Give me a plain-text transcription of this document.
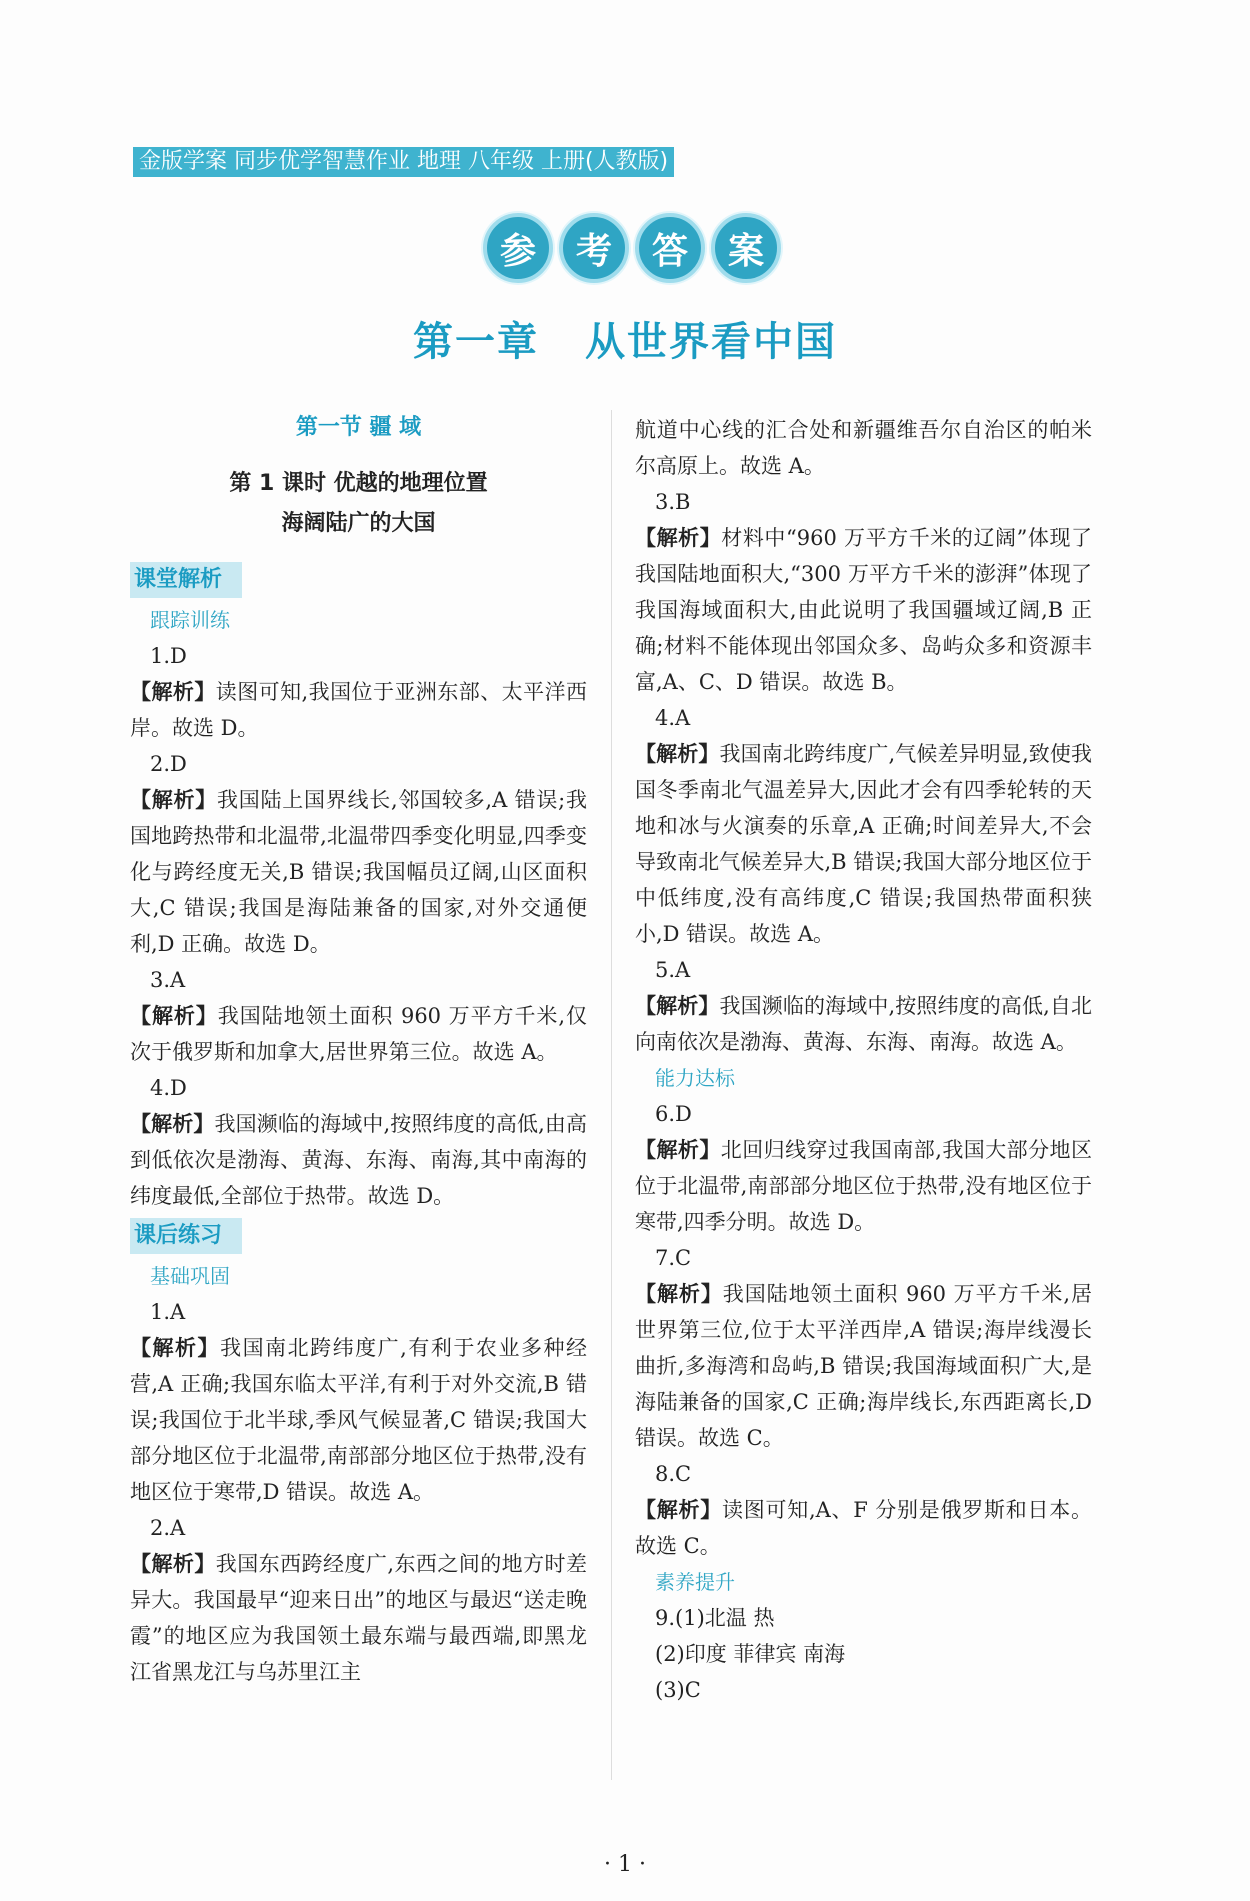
金版学案 同步优学智慧作业 地理 八年级 上册(人教版)
参	考	答	案
第一章 从世界看中国

第一节 疆 域

第 1 课时 优越的地理位置
海阔陆广的大国

课堂解析

跟踪训练

1.D

【解析】读图可知,我国位于亚洲东部、太平洋西岸。故选 D。

2.D

【解析】我国陆上国界线长,邻国较多,A 错误;我国地跨热带和北温带,北温带四季变化明显,四季变化与跨经度无关,B 错误;我国幅员辽阔,山区面积大,C 错误;我国是海陆兼备的国家,对外交通便利,D 正确。故选 D。

3.A

【解析】我国陆地领土面积 960 万平方千米,仅次于俄罗斯和加拿大,居世界第三位。故选 A。

4.D

【解析】我国濒临的海域中,按照纬度的高低,由高到低依次是渤海、黄海、东海、南海,其中南海的纬度最低,全部位于热带。故选 D。

课后练习

基础巩固

1.A

【解析】我国南北跨纬度广,有利于农业多种经营,A 正确;我国东临太平洋,有利于对外交流,B 错误;我国位于北半球,季风气候显著,C 错误;我国大部分地区位于北温带,南部部分地区位于热带,没有地区位于寒带,D 错误。故选 A。

2.A

【解析】我国东西跨经度广,东西之间的地方时差异大。我国最早“迎来日出”的地区与最迟“送走晚霞”的地区应为我国领土最东端与最西端,即黑龙江省黑龙江与乌苏里江主

航道中心线的汇合处和新疆维吾尔自治区的帕米尔高原上。故选 A。

3.B

【解析】材料中“960 万平方千米的辽阔”体现了我国陆地面积大,“300 万平方千米的澎湃”体现了我国海域面积大,由此说明了我国疆域辽阔,B 正确;材料不能体现出邻国众多、岛屿众多和资源丰富,A、C、D 错误。故选 B。

4.A

【解析】我国南北跨纬度广,气候差异明显,致使我国冬季南北气温差异大,因此才会有四季轮转的天地和冰与火演奏的乐章,A 正确;时间差异大,不会导致南北气候差异大,B 错误;我国大部分地区位于中低纬度,没有高纬度,C 错误;我国热带面积狭小,D 错误。故选 A。

5.A

【解析】我国濒临的海域中,按照纬度的高低,自北向南依次是渤海、黄海、东海、南海。故选 A。

能力达标

6.D

【解析】北回归线穿过我国南部,我国大部分地区位于北温带,南部部分地区位于热带,没有地区位于寒带,四季分明。故选 D。

7.C

【解析】我国陆地领土面积 960 万平方千米,居世界第三位,位于太平洋西岸,A 错误;海岸线漫长曲折,多海湾和岛屿,B 错误;我国海域面积广大,是海陆兼备的国家,C 正确;海岸线长,东西距离长,D 错误。故选 C。

8.C

【解析】读图可知,A、F 分别是俄罗斯和日本。故选 C。

素养提升

9.(1)北温 热

(2)印度 菲律宾 南海

(3)C

· 1 ·
